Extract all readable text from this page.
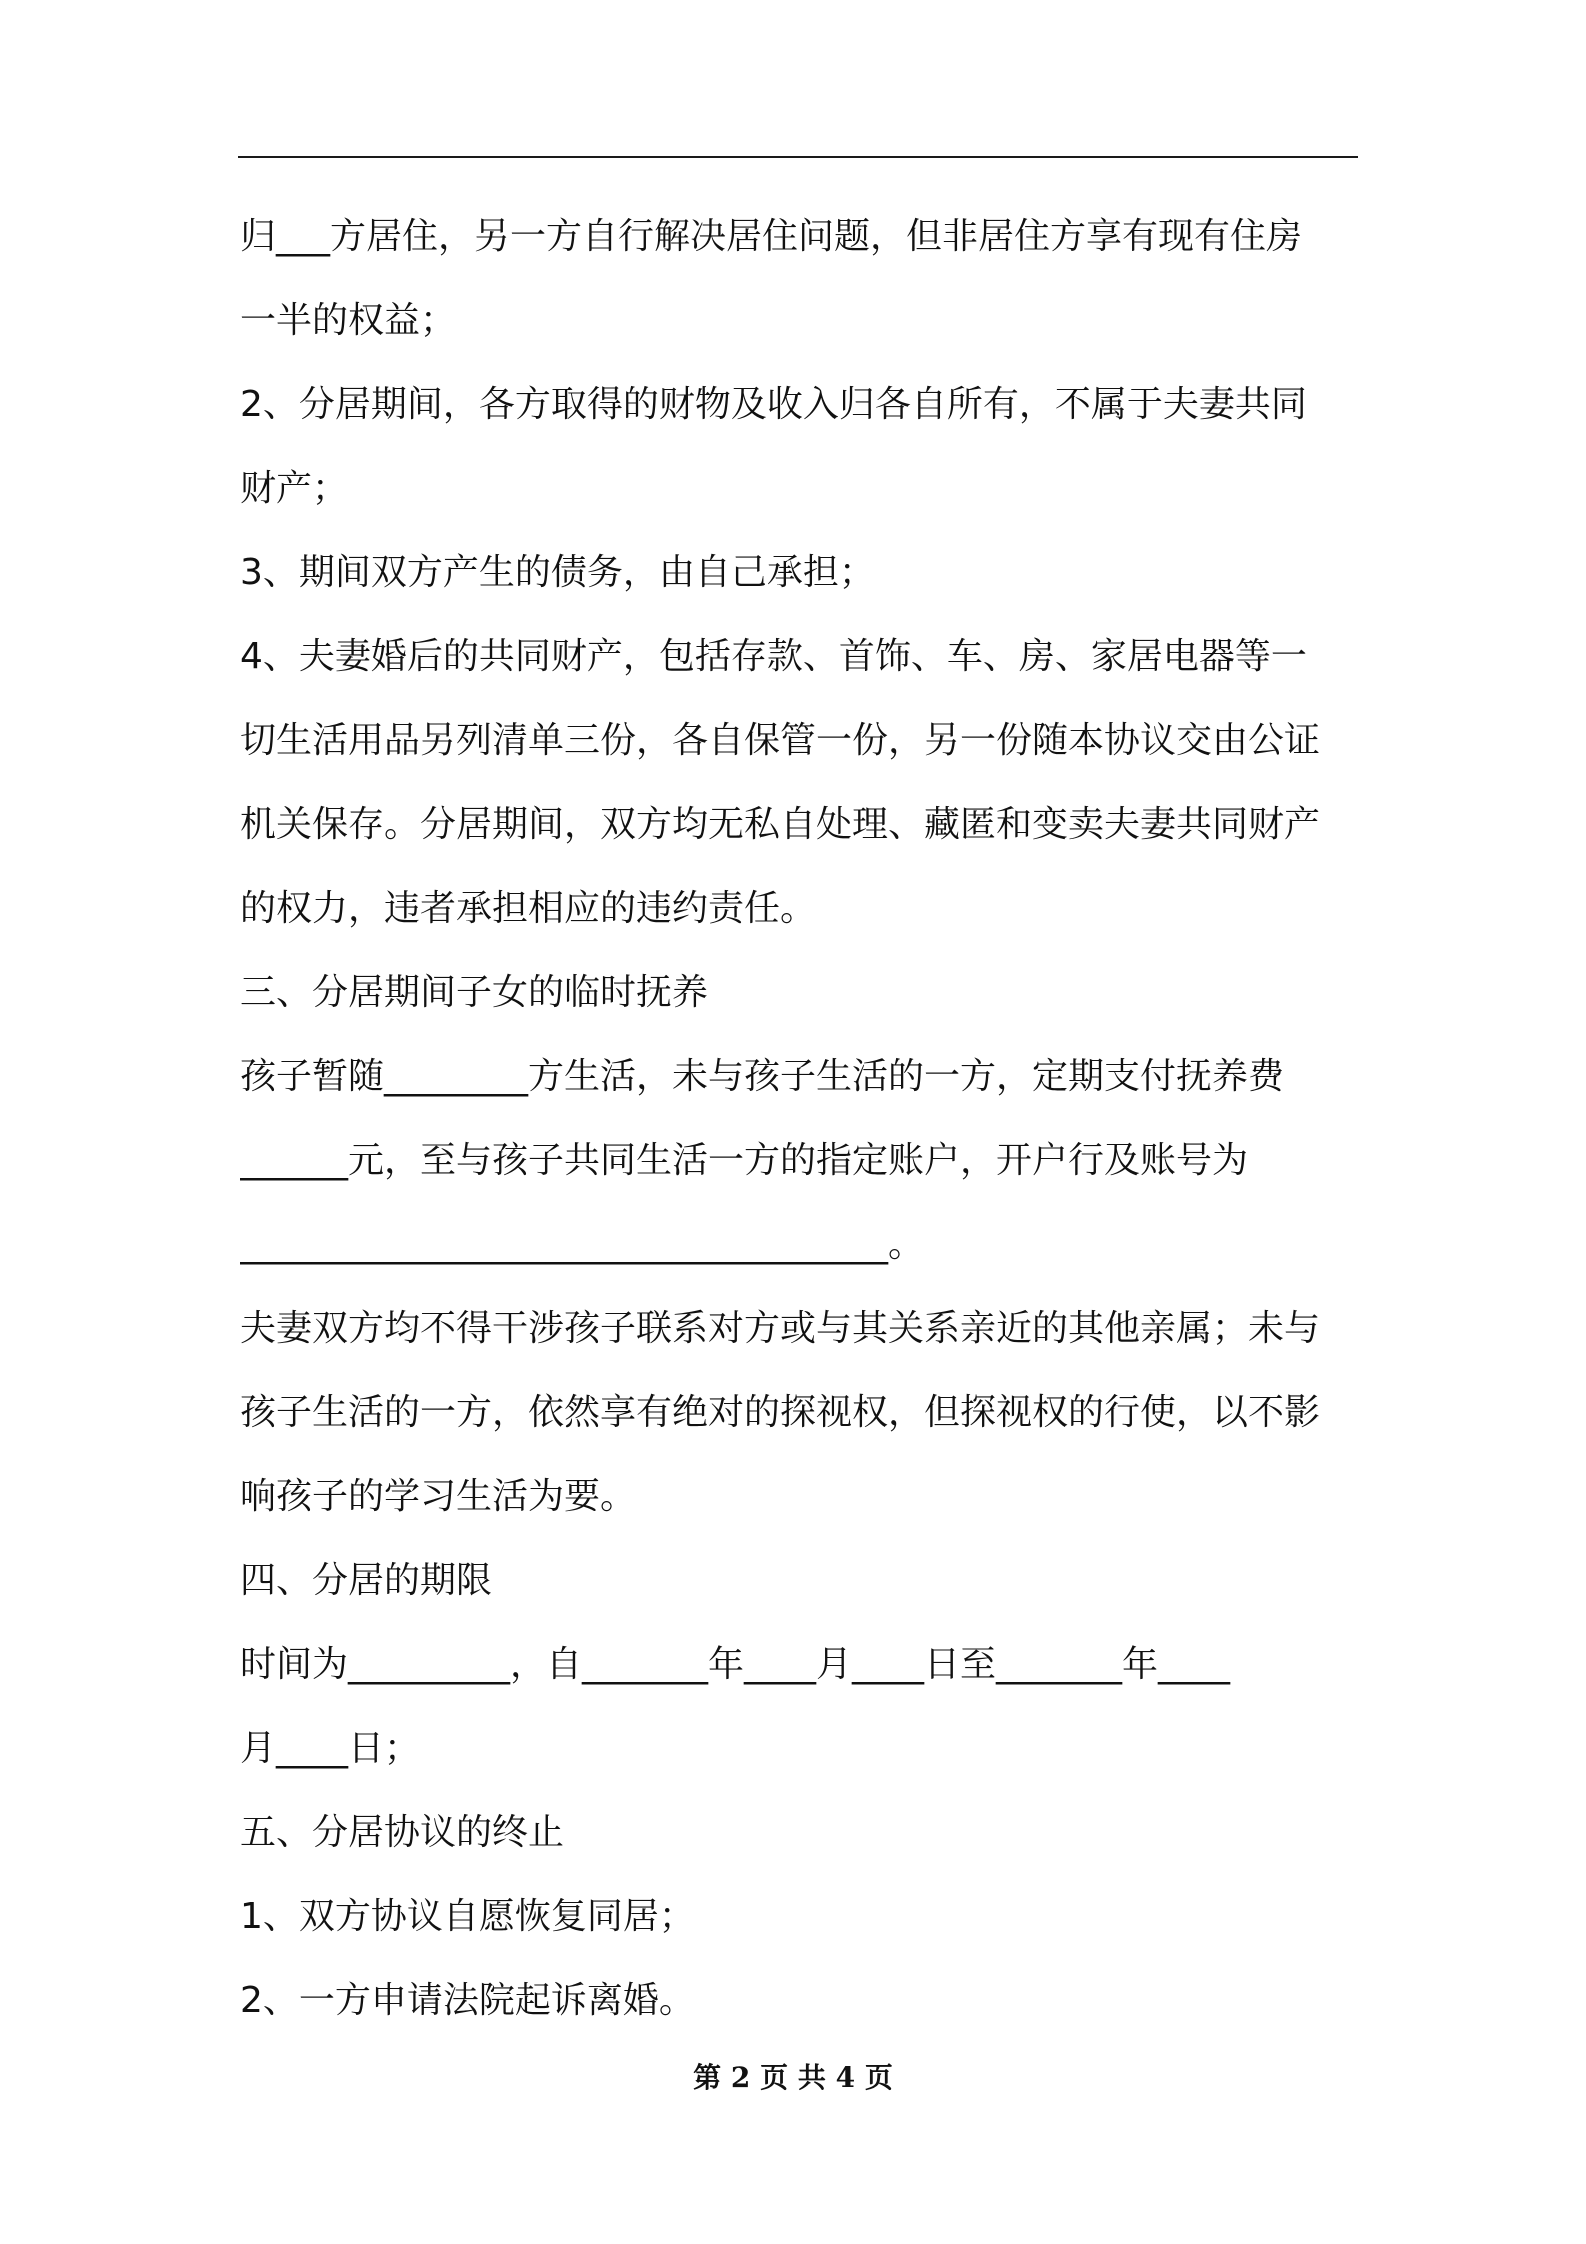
归___方居住，另一方自行解决居住问题，但非居住方享有现有住房
一半的权益；
2、分居期间，各方取得的财物及收入归各自所有，不属于夫妻共同
财产；
3、期间双方产生的债务，由自己承担；
4、夫妻婚后的共同财产，包括存款、首饰、车、房、家居电器等一
切生活用品另列清单三份，各自保管一份，另一份随本协议交由公证
机关保存。分居期间，双方均无私自处理、藏匿和变卖夫妻共同财产
的权力，违者承担相应的违约责任。
三、分居期间子女的临时抚养
孩子暂随________方生活，未与孩子生活的一方，定期支付抚养费
______元，至与孩子共同生活一方的指定账户，开户行及账号为
____________________________________。
夫妻双方均不得干涉孩子联系对方或与其关系亲近的其他亲属；未与
孩子生活的一方，依然享有绝对的探视权，但探视权的行使，以不影
响孩子的学习生活为要。
四、分居的期限
时间为_________，自_______年____月____日至_______年____
月____日；
五、分居协议的终止
1、双方协议自愿恢复同居；
2、一方申请法院起诉离婚。
第 2 页 共 4 页
